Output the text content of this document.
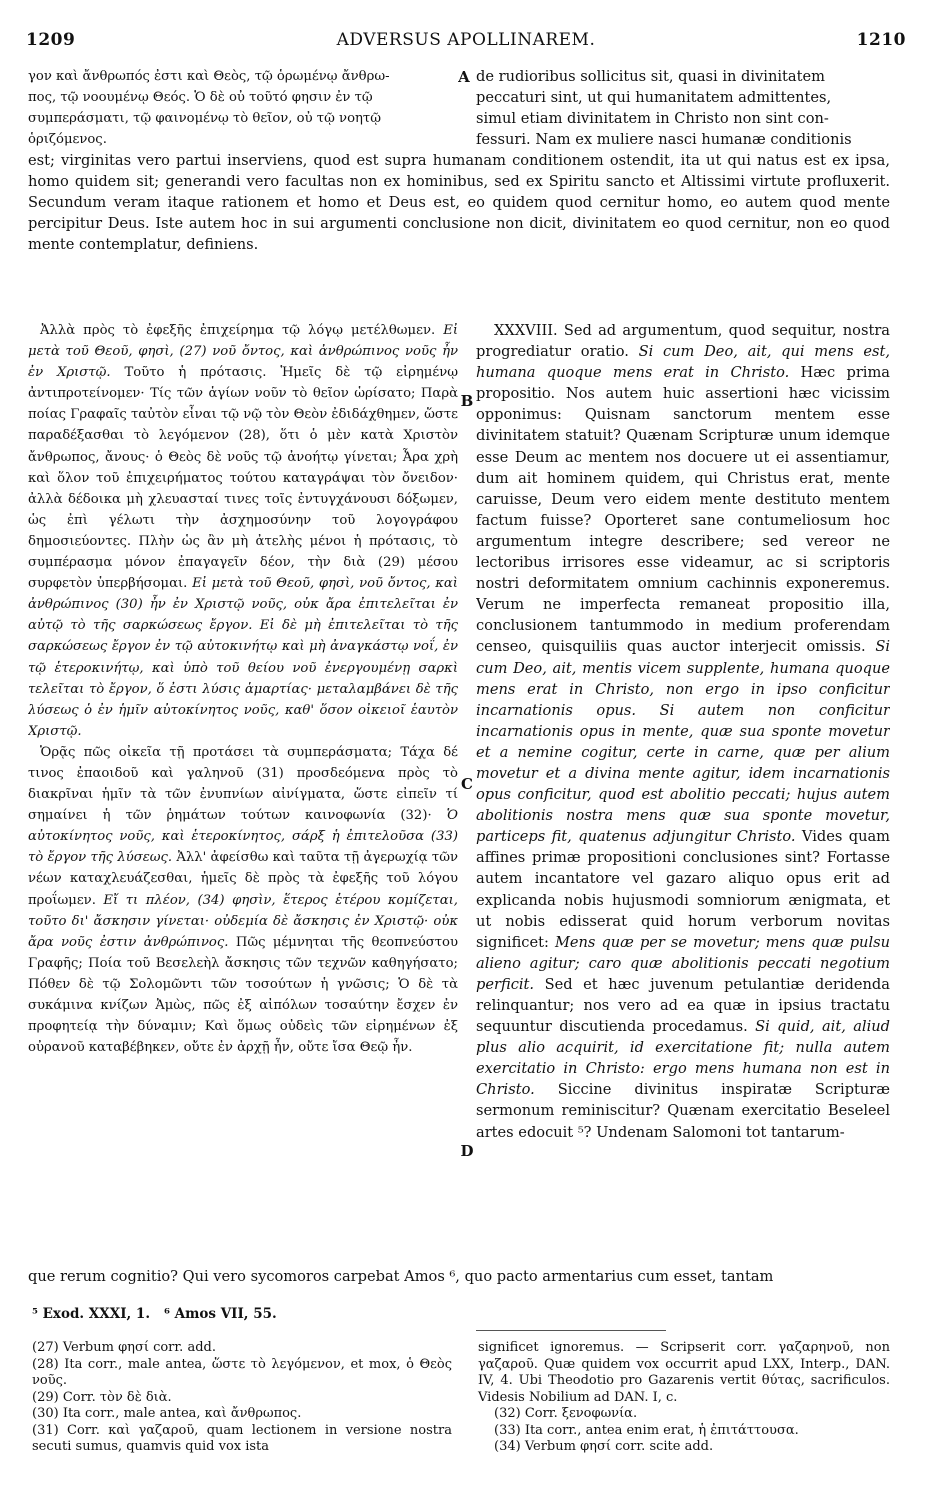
1209	ADVERSUS APOLLINAREM.	1210
γον καὶ ἄνθρωπός ἐστι καὶ Θεὸς, τῷ ὁρωμένῳ ἄνθρω-
πος, τῷ νοουμένῳ Θεός. Ὁ δὲ οὐ τοῦτό φησιν ἐν τῷ
συμπεράσματι, τῷ φαινομένῳ τὸ θεῖον, οὐ τῷ νοητῷ
ὁριζόμενος.
A de rudioribus sollicitus sit, quasi in divinitatem
peccaturi sint, ut qui humanitatem admittentes,
simul etiam divinitatem in Christo non sint con-
fessuri. Nam ex muliere nasci humanæ conditionis

est; virginitas vero partui inserviens, quod est supra humanam conditionem ostendit, ita ut qui natus est ex ipsa, homo quidem sit; generandi vero facultas non ex hominibus, sed ex Spiritu sancto et Altissimi virtute profluxerit. Secundum veram itaque rationem et homo et Deus est, eo quidem quod cernitur homo, eo autem quod mente percipitur Deus. Iste autem hoc in sui argumenti conclusione non dicit, divinitatem eo quod cernitur, non eo quod mente contemplatur, definiens.

Ἀλλὰ πρὸς τὸ ἐφεξῆς ἐπιχείρημα τῷ λόγῳ μετέλθωμεν. Εἰ μετὰ τοῦ Θεοῦ, φησὶ, (27) νοῦ ὄντος, καὶ ἀνθρώπινος νοῦς ἦν ἐν Χριστῷ. Τοῦτο ἡ πρότασις. Ἡμεῖς δὲ τῷ εἰρημένῳ ἀντιπροτείνομεν· Τίς τῶν ἁγίων νοῦν τὸ θεῖον ὡρίσατο; Παρὰ ποίας Γραφαῖς ταὐτὸν εἶναι τῷ νῷ τὸν Θεὸν ἐδιδάχθημεν, ὥστε παραδέξασθαι τὸ λεγόμενον (28), ὅτι ὁ μὲν κατὰ Χριστὸν ἄνθρωπος, ἄνους· ὁ Θεὸς δὲ νοῦς τῷ ἀνοήτῳ γίνεται; Ἆρα χρὴ καὶ ὅλον τοῦ ἐπιχειρήματος τούτου καταγράψαι τὸν ὄνειδον· ἀλλὰ δέδοικα μὴ χλευασταί τινες τοῖς ἐντυγχάνουσι δόξωμεν, ὡς ἐπὶ γέλωτι τὴν ἀσχημοσύνην τοῦ λογογράφου δημοσιεύοντες. Πλὴν ὡς ἂν μὴ ἀτελὴς μένοι ἡ πρότασις, τὸ συμπέρασμα μόνον ἐπαγαγεῖν δέον, τὴν διὰ (29) μέσου συρφετὸν ὑπερβήσομαι. Εἰ μετὰ τοῦ Θεοῦ, φησὶ, νοῦ ὄντος, καὶ ἀνθρώπινος (30) ἦν ἐν Χριστῷ νοῦς, οὐκ ἄρα ἐπιτελεῖται ἐν αὐτῷ τὸ τῆς σαρκώσεως ἔργον. Εἰ δὲ μὴ ἐπιτελεῖται τὸ τῆς σαρκώσεως ἔργον ἐν τῷ αὐτοκινήτῳ καὶ μὴ ἀναγκάστῳ νοΐ, ἐν τῷ ἑτεροκινήτῳ, καὶ ὑπὸ τοῦ θείου νοῦ ἐνεργουμένῃ σαρκὶ τελεῖται τὸ ἔργον, ὅ ἐστι λύσις ἁμαρτίας· μεταλαμβάνει δὲ τῆς λύσεως ὁ ἐν ἡμῖν αὐτοκίνητος νοῦς, καθ' ὅσον οἰκειοῖ ἑαυτὸν Χριστῷ.

Ὁρᾷς πῶς οἰκεῖα τῇ προτάσει τὰ συμπεράσματα; Τάχα δέ τινος ἐπαοιδοῦ καὶ γαληνοῦ (31) προσδεόμενα πρὸς τὸ διακρῖναι ἡμῖν τὰ τῶν ἐνυπνίων αἰνίγματα, ὥστε εἰπεῖν τί σημαίνει ἡ τῶν ῥημάτων τούτων καινοφωνία (32)· Ὁ αὐτοκίνητος νοῦς, καὶ ἑτεροκίνητος, σάρξ ἡ ἐπιτελοῦσα (33) τὸ ἔργον τῆς λύσεως. Ἀλλ' ἀφείσθω καὶ ταῦτα τῇ ἀγερωχίᾳ τῶν νέων καταχλευάζεσθαι, ἡμεῖς δὲ πρὸς τὰ ἐφεξῆς τοῦ λόγου προΐωμεν. Εἴ τι πλέον, (34) φησὶν, ἕτερος ἑτέρου κομίζεται, τοῦτο δι' ἄσκησιν γίνεται· οὐδεμία δὲ ἄσκησις ἐν Χριστῷ· οὐκ ἄρα νοῦς ἐστιν ἀνθρώπινος. Πῶς μέμνηται τῆς θεοπνεύστου Γραφῆς; Ποία τοῦ Βεσελεὴλ ἄσκησις τῶν τεχνῶν καθηγήσατο; Πόθεν δὲ τῷ Σολομῶντι τῶν τοσούτων ἡ γνῶσις; Ὁ δὲ τὰ συκάμινα κνίζων Ἀμὼς, πῶς ἐξ αἰπόλων τοσαύτην ἔσχεν ἐν προφητείᾳ τὴν δύναμιν; Καὶ ὅμως οὐδεὶς τῶν εἰρημένων ἐξ οὐρανοῦ καταβέβηκεν, οὔτε ἐν ἀρχῇ ἦν, οὔτε ἴσα Θεῷ ἦν.

B
C
D

XXXVIII. Sed ad argumentum, quod sequitur, nostra progrediatur oratio. Si cum Deo, ait, qui mens est, humana quoque mens erat in Christo. Hæc prima propositio. Nos autem huic assertioni hæc vicissim opponimus: Quisnam sanctorum mentem esse divinitatem statuit? Quænam Scripturæ unum idemque esse Deum ac mentem nos docuere ut ei assentiamur, dum ait hominem quidem, qui Christus erat, mente caruisse, Deum vero eidem mente destituto mentem factum fuisse? Oporteret sane contumeliosum hoc argumentum integre describere; sed vereor ne lectoribus irrisores esse videamur, ac si scriptoris nostri deformitatem omnium cachinnis exponeremus. Verum ne imperfecta remaneat propositio illa, conclusionem tantummodo in medium proferendam censeo, quisquiliis quas auctor interjecit omissis. Si cum Deo, ait, mentis vicem supplente, humana quoque mens erat in Christo, non ergo in ipso conficitur incarnationis opus. Si autem non conficitur incarnationis opus in mente, quæ sua sponte movetur et a nemine cogitur, certe in carne, quæ per alium movetur et a divina mente agitur, idem incarnationis opus conficitur, quod est abolitio peccati; hujus autem abolitionis nostra mens quæ sua sponte movetur, particeps fit, quatenus adjungitur Christo. Vides quam affines primæ propositioni conclusiones sint? Fortasse autem incantatore vel gazaro aliquo opus erit ad explicanda nobis hujusmodi somniorum ænigmata, et ut nobis edisserat quid horum verborum novitas significet: Mens quæ per se movetur; mens quæ pulsu alieno agitur; caro quæ abolitionis peccati negotium perficit. Sed et hæc juvenum petulantiæ deridenda relinquantur; nos vero ad ea quæ in ipsius tractatu sequuntur discutienda procedamus. Si quid, ait, aliud plus alio acquirit, id exercitatione fit; nulla autem exercitatio in Christo: ergo mens humana non est in Christo. Siccine divinitus inspiratæ Scripturæ sermonum reminiscitur? Quænam exercitatio Beseleel artes edocuit ⁵? Undenam Salomoni tot tantarum-

que rerum cognitio? Qui vero sycomoros carpebat Amos ⁶, quo pacto armentarius cum esset, tantam
⁵ Exod. XXXI, 1. ⁶ Amos VII, 55.

(27) Verbum φησί corr. add.

(28) Ita corr., male antea, ὥστε τὸ λεγόμενον, et mox, ὁ Θεὸς νοῦς.

(29) Corr. τὸν δὲ διὰ.

(30) Ita corr., male antea, καὶ ἄνθρωπος.

(31) Corr. καὶ γαζαροῦ, quam lectionem in versione nostra secuti sumus, quamvis quid vox ista

significet ignoremus. — Scripserit corr. γαζαρηνοῦ, non γαζαροῦ. Quæ quidem vox occurrit apud LXX, Interp., DAN. IV, 4. Ubi Theodotio pro Gazarenis vertit θύτας, sacrificulos. Videsis Nobilium ad DAN. I, c.

(32) Corr. ξενοφωνία.

(33) Ita corr., antea enim erat, ἡ ἐπιτάττουσα.

(34) Verbum φησί corr. scite add.
